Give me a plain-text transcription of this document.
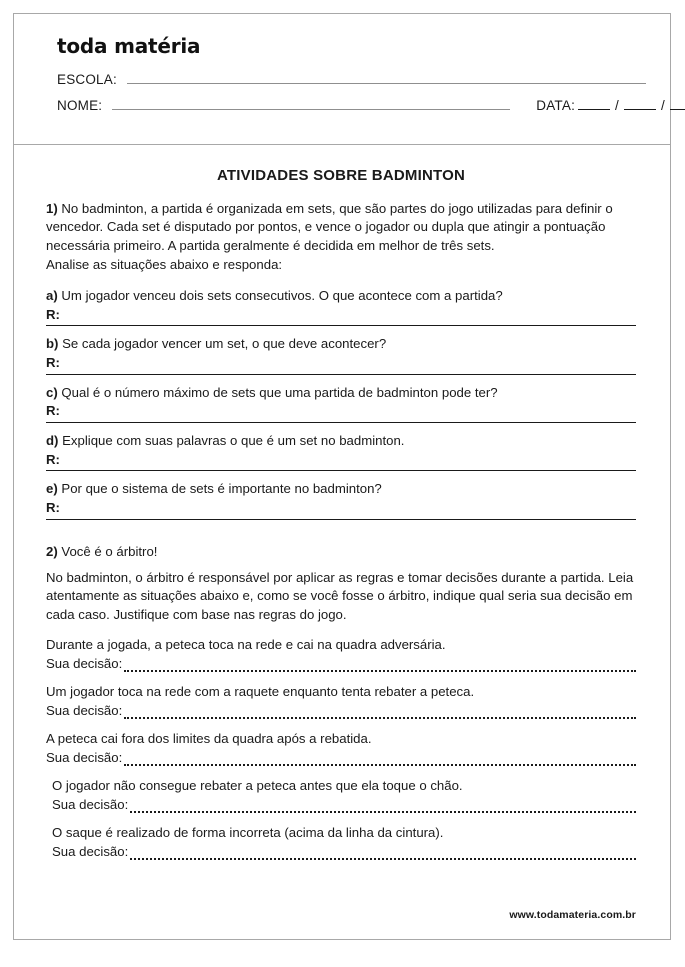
toda matéria
ESCOLA:
NOME:	DATA:	/	/
ATIVIDADES SOBRE BADMINTON
1) No badminton, a partida é organizada em sets, que são partes do jogo utilizadas para definir o vencedor. Cada set é disputado por pontos, e vence o jogador ou dupla que atingir a pontuação necessária primeiro. A partida geralmente é decidida em melhor de três sets.
Analise as situações abaixo e responda:
a) Um jogador venceu dois sets consecutivos. O que acontece com a partida?
R:
b) Se cada jogador vencer um set, o que deve acontecer?
R:
c) Qual é o número máximo de sets que uma partida de badminton pode ter?
R:
d) Explique com suas palavras o que é um set no badminton.
R:
e) Por que o sistema de sets é importante no badminton?
R:
2) Você é o árbitro!
No badminton, o árbitro é responsável por aplicar as regras e tomar decisões durante a partida. Leia atentamente as situações abaixo e, como se você fosse o árbitro, indique qual seria sua decisão em cada caso. Justifique com base nas regras do jogo.
Durante a jogada, a peteca toca na rede e cai na quadra adversária.
Sua decisão:
Um jogador toca na rede com a raquete enquanto tenta rebater a peteca.
Sua decisão:
A peteca cai fora dos limites da quadra após a rebatida.
Sua decisão:
O jogador não consegue rebater a peteca antes que ela toque o chão.
Sua decisão:
O saque é realizado de forma incorreta (acima da linha da cintura).
Sua decisão:
www.todamateria.com.br
